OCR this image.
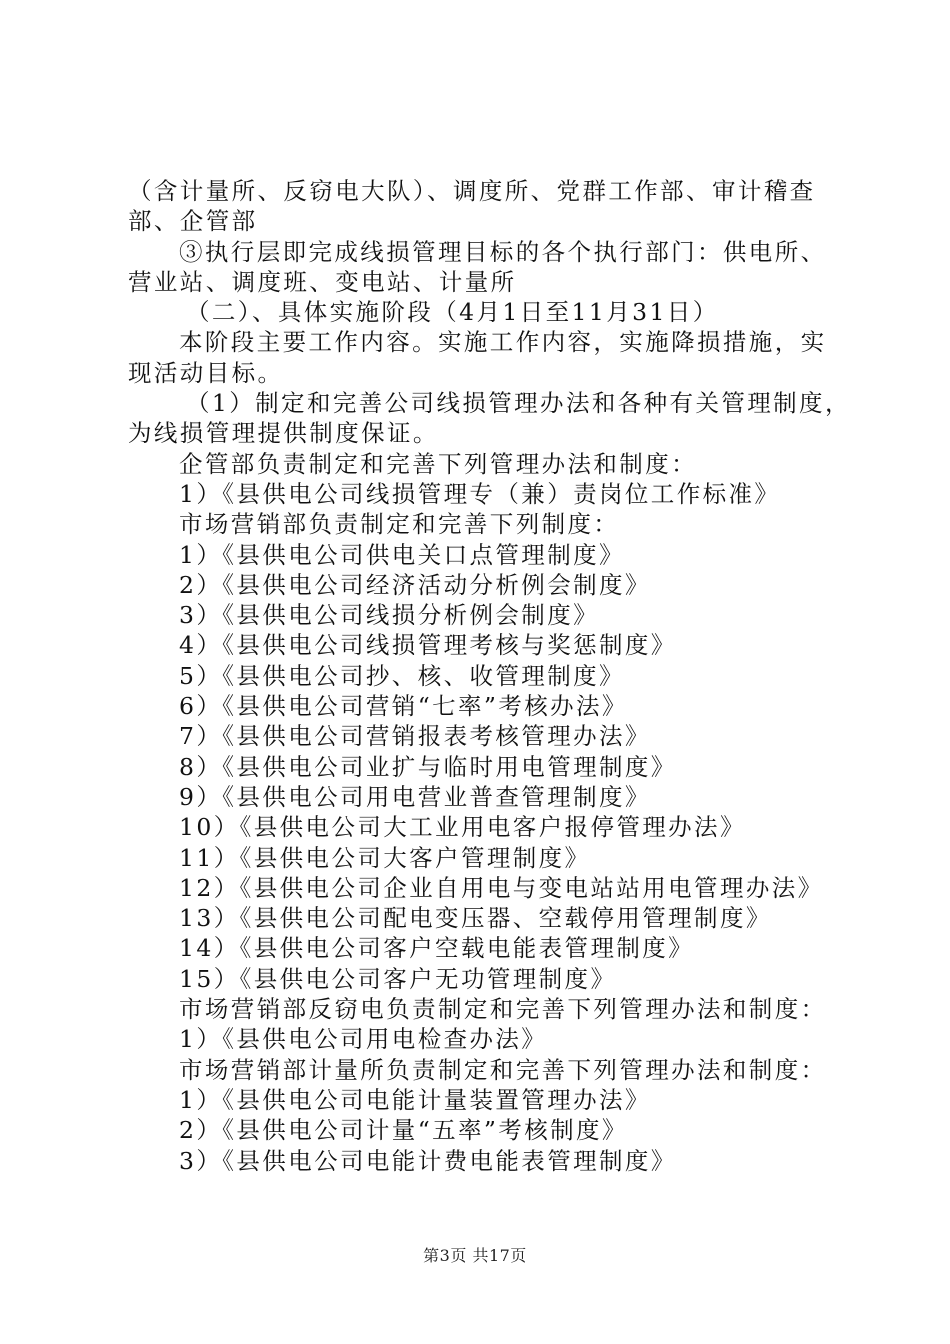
（含计量所、反窃电大队）、调度所、党群工作部、审计稽查

部、企管部

③执行层即完成线损管理目标的各个执行部门：供电所、

营业站、调度班、变电站、计量所

（二）、具体实施阶段（4月1日至11月31日）

本阶段主要工作内容。实施工作内容，实施降损措施，实

现活动目标。

（1）制定和完善公司线损管理办法和各种有关管理制度，

为线损管理提供制度保证。

企管部负责制定和完善下列管理办法和制度：

1）《县供电公司线损管理专（兼）责岗位工作标准》

市场营销部负责制定和完善下列制度：

1）《县供电公司供电关口点管理制度》

2）《县供电公司经济活动分析例会制度》

3）《县供电公司线损分析例会制度》

4）《县供电公司线损管理考核与奖惩制度》

5）《县供电公司抄、核、收管理制度》

6）《县供电公司营销“七率”考核办法》

7）《县供电公司营销报表考核管理办法》

8）《县供电公司业扩与临时用电管理制度》

9）《县供电公司用电营业普查管理制度》

10）《县供电公司大工业用电客户报停管理办法》

11）《县供电公司大客户管理制度》

12）《县供电公司企业自用电与变电站站用电管理办法》

13）《县供电公司配电变压器、空载停用管理制度》

14）《县供电公司客户空载电能表管理制度》

15）《县供电公司客户无功管理制度》

市场营销部反窃电负责制定和完善下列管理办法和制度：

1）《县供电公司用电检查办法》

市场营销部计量所负责制定和完善下列管理办法和制度：

1）《县供电公司电能计量装置管理办法》

2）《县供电公司计量“五率”考核制度》

3）《县供电公司电能计费电能表管理制度》

第3页 共17页
